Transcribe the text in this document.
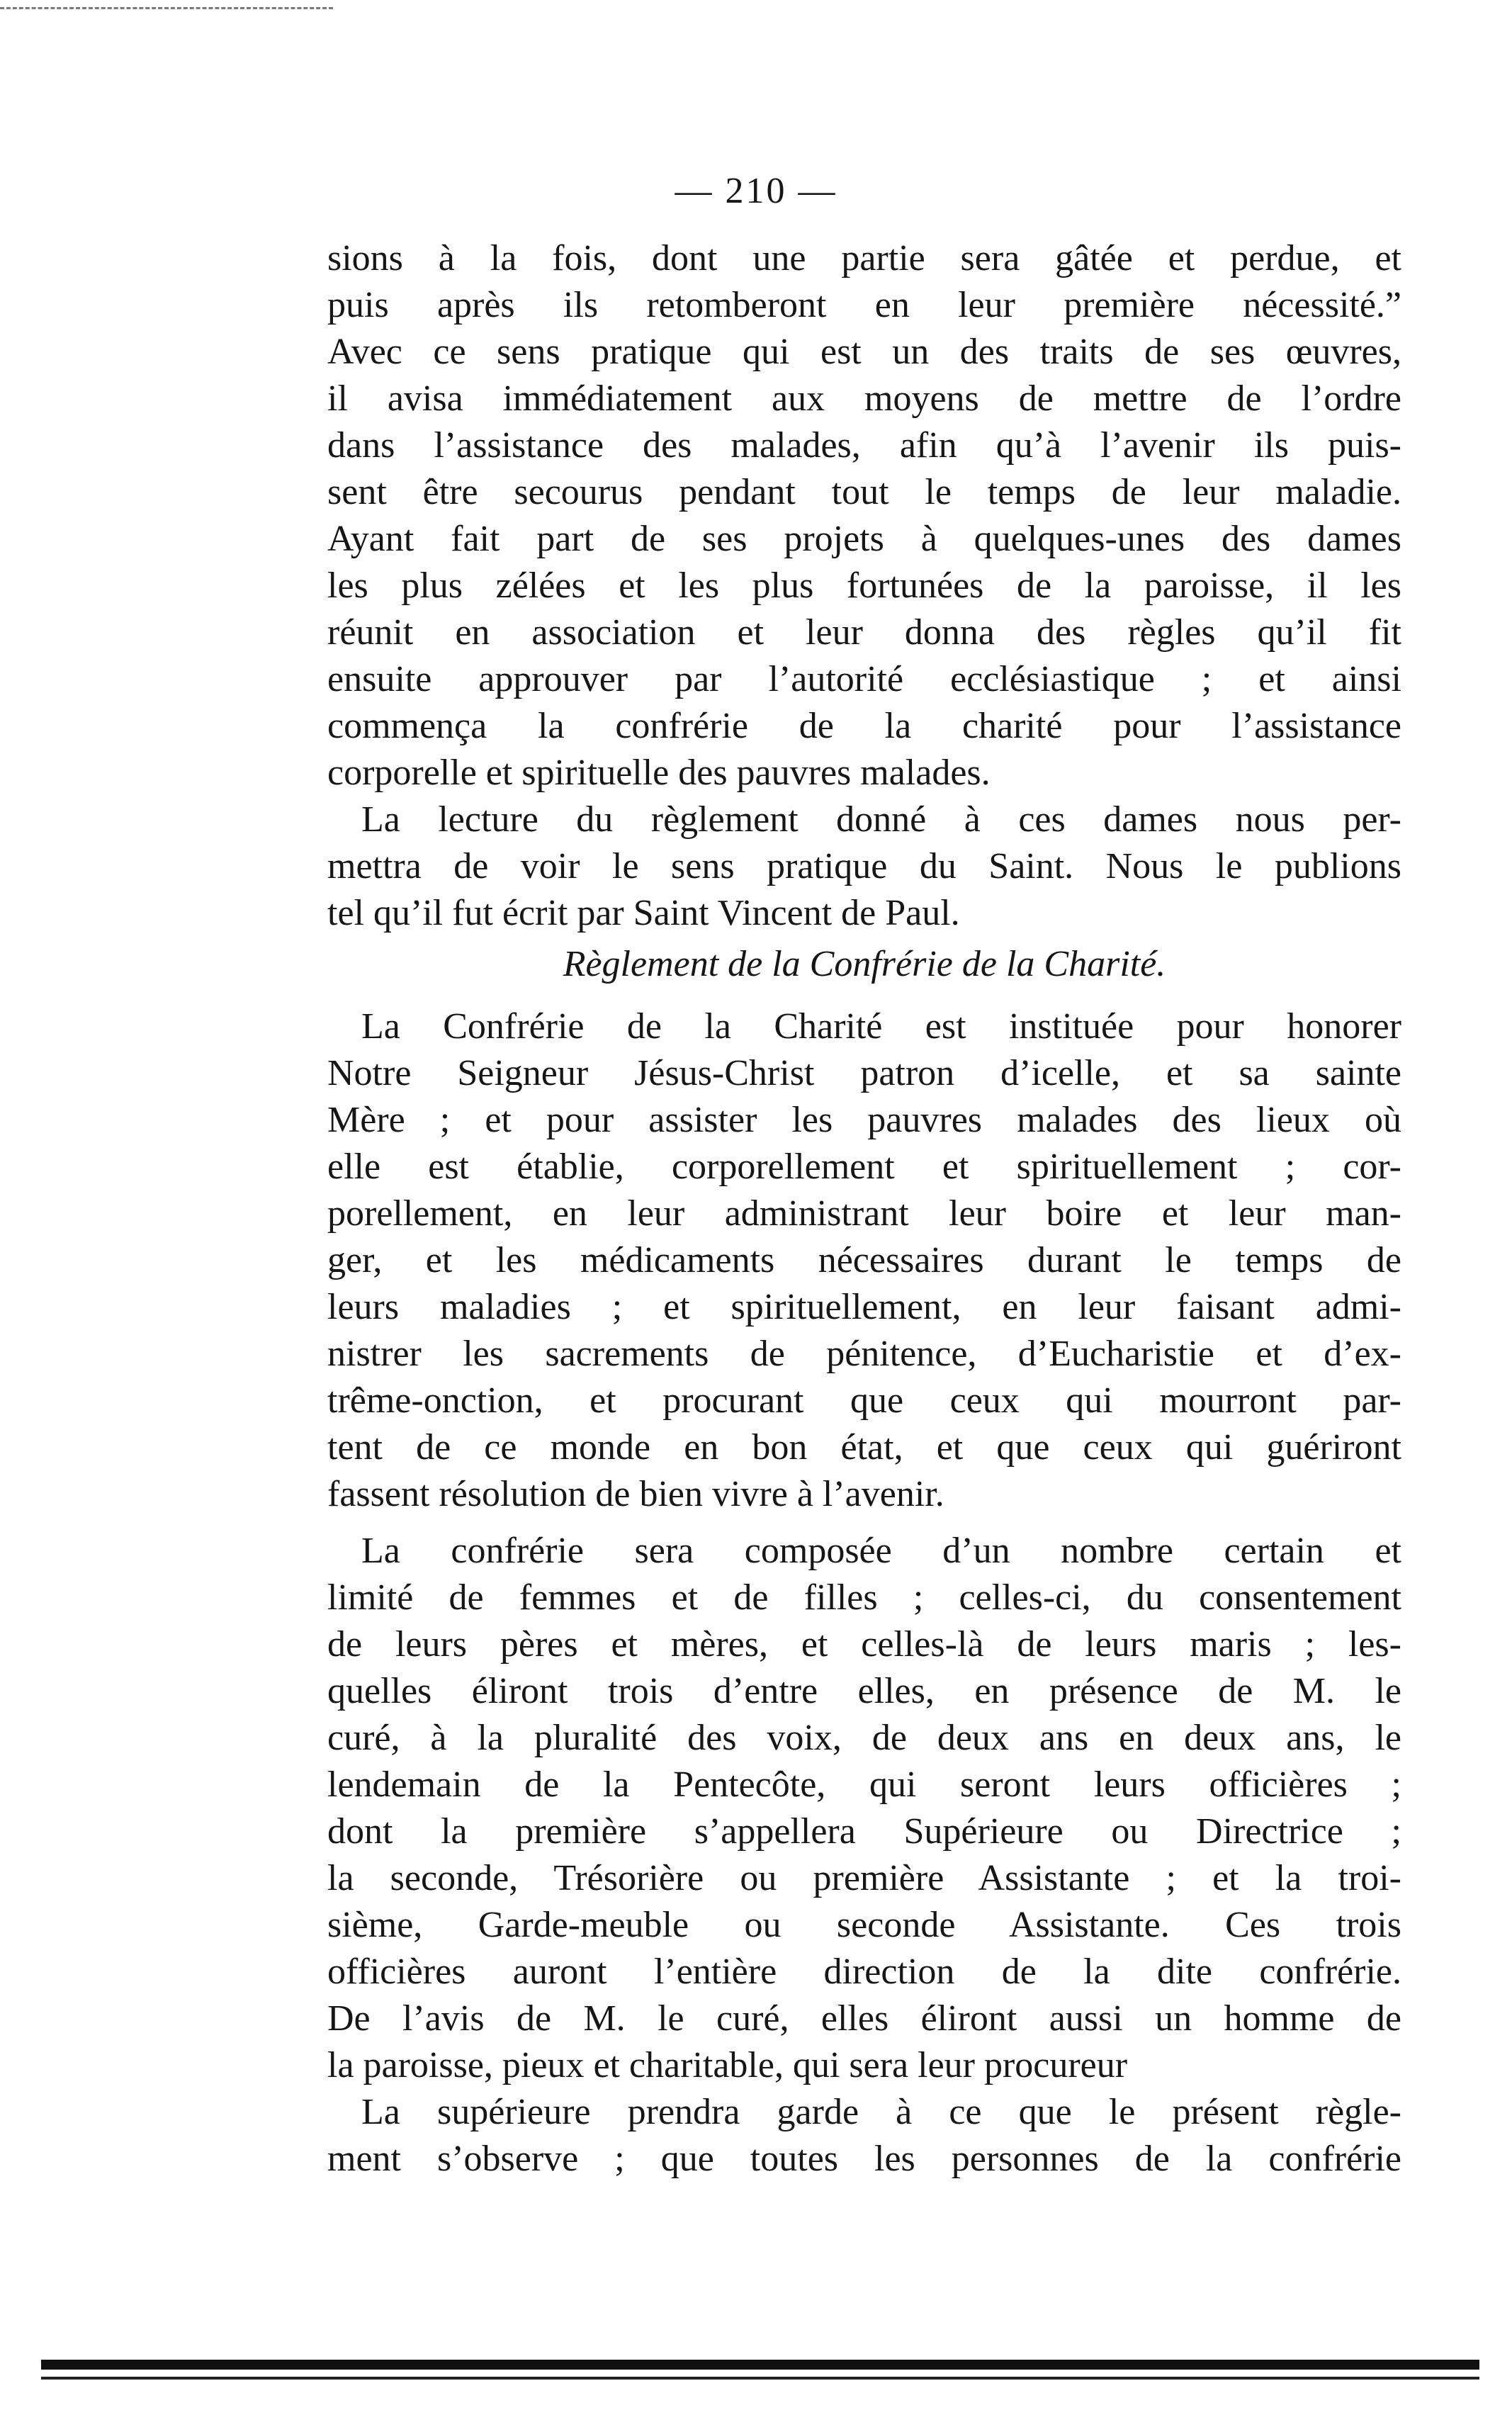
— 210 —
sions à la fois, dont une partie sera gâtée et perdue, et
puis après ils retomberont en leur première nécessité.”
Avec ce sens pratique qui est un des traits de ses œuvres,
il avisa immédiatement aux moyens de mettre de l’ordre
dans l’assistance des malades, afin qu’à l’avenir ils puis-
sent être secourus pendant tout le temps de leur maladie.
Ayant fait part de ses projets à quelques-unes des dames
les plus zélées et les plus fortunées de la paroisse, il les
réunit en association et leur donna des règles qu’il fit
ensuite approuver par l’autorité ecclésiastique ; et ainsi
commença la confrérie de la charité pour l’assistance
corporelle et spirituelle des pauvres malades.
La lecture du règlement donné à ces dames nous per-
mettra de voir le sens pratique du Saint. Nous le publions
tel qu’il fut écrit par Saint Vincent de Paul.
Règlement de la Confrérie de la Charité.
La Confrérie de la Charité est instituée pour honorer
Notre Seigneur Jésus-Christ patron d’icelle, et sa sainte
Mère ; et pour assister les pauvres malades des lieux où
elle est établie, corporellement et spirituellement ; cor-
porellement, en leur administrant leur boire et leur man-
ger, et les médicaments nécessaires durant le temps de
leurs maladies ; et spirituellement, en leur faisant admi-
nistrer les sacrements de pénitence, d’Eucharistie et d’ex-
trême-onction, et procurant que ceux qui mourront par-
tent de ce monde en bon état, et que ceux qui guériront
fassent résolution de bien vivre à l’avenir.
La confrérie sera composée d’un nombre certain et
limité de femmes et de filles ; celles-ci, du consentement
de leurs pères et mères, et celles-là de leurs maris ; les-
quelles éliront trois d’entre elles, en présence de M. le
curé, à la pluralité des voix, de deux ans en deux ans, le
lendemain de la Pentecôte, qui seront leurs officières ;
dont la première s’appellera Supérieure ou Directrice ;
la seconde, Trésorière ou première Assistante ; et la troi-
sième, Garde-meuble ou seconde Assistante. Ces trois
officières auront l’entière direction de la dite confrérie.
De l’avis de M. le curé, elles éliront aussi un homme de
la paroisse, pieux et charitable, qui sera leur procureur
La supérieure prendra garde à ce que le présent règle-
ment s’observe ; que toutes les personnes de la confrérie
